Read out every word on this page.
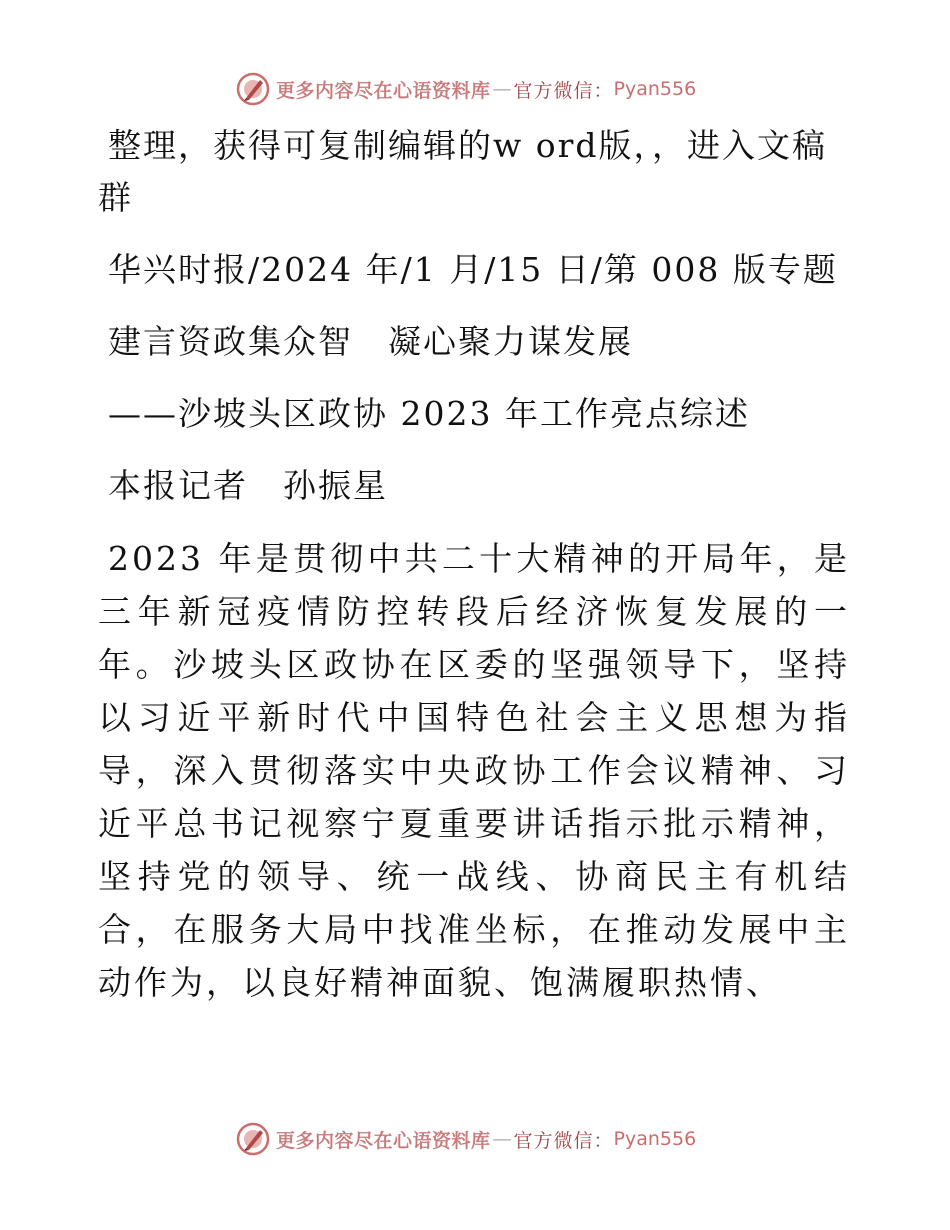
更多内容尽在心语资料库 — 官方微信： Pyan556

整理，获得可复制编辑的w ord版，，进入文稿

群

华兴时报/2024 年/1 月/15 日/第 008 版专题

建言资政集众智　凝心聚力谋发展

——沙坡头区政协 2023 年工作亮点综述

本报记者　孙振星

2023 年是贯彻中共二十大精神的开局年，是三年新冠疫情防控转段后经济恢复发展的一年。沙坡头区政协在区委的坚强领导下，坚持以习近平新时代中国特色社会主义思想为指导，深入贯彻落实中央政协工作会议精神、习近平总书记视察宁夏重要讲话指示批示精神，坚持党的领导、统一战线、协商民主有机结合，在服务大局中找准坐标，在推动发展中主动作为，以良好精神面貌、饱满履职热情、

更多内容尽在心语资料库 — 官方微信： Pyan556
